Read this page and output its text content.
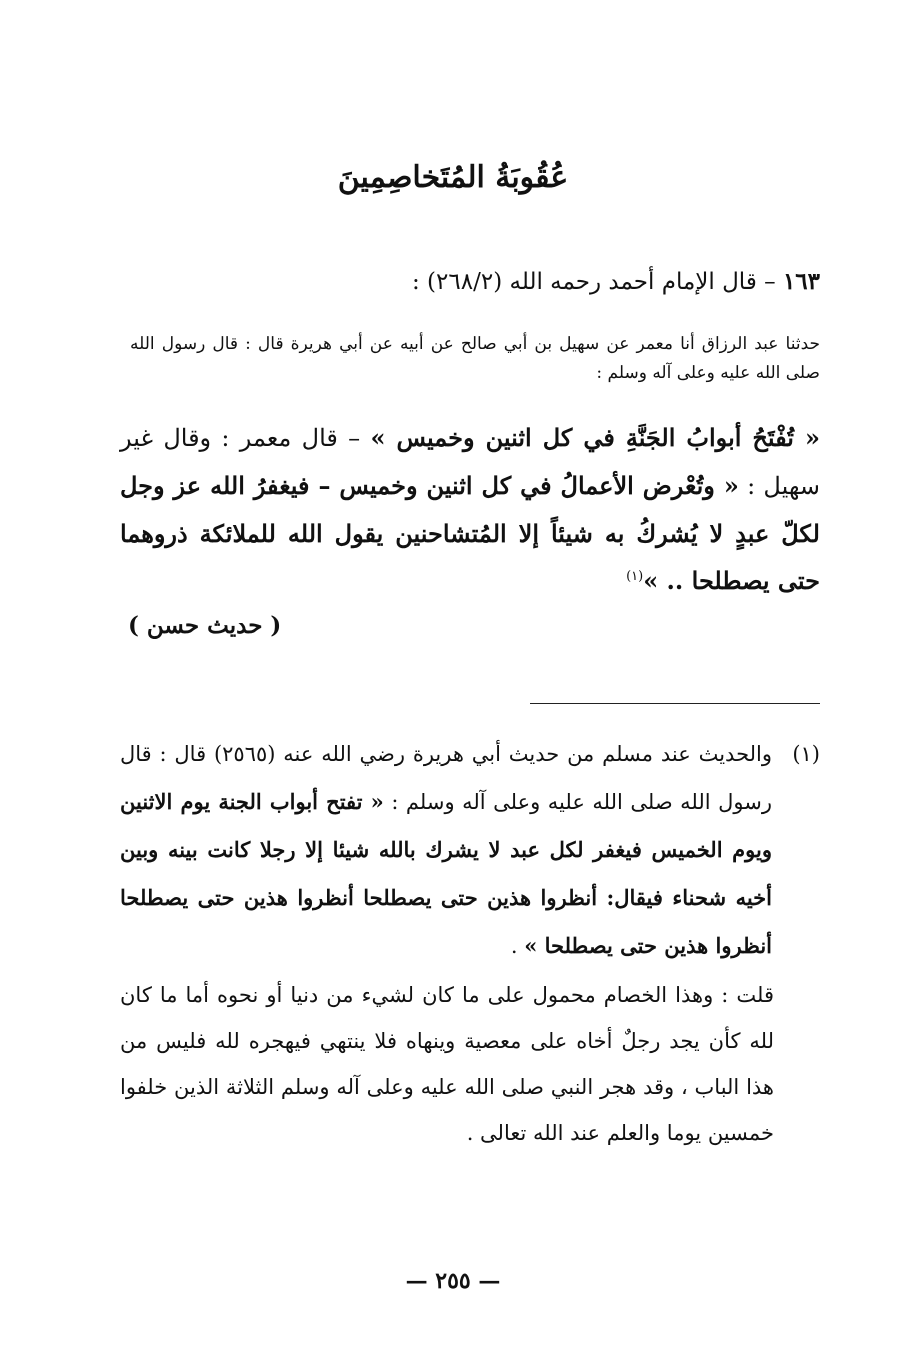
عُقُوبَةُ المُتَخاصِمِينَ
١٦٣ – قال الإمام أحمد رحمه الله (٢٦٨/٢) :
حدثنا عبد الرزاق أنا معمر عن سهيل بن أبي صالح عن أبيه عن أبي هريرة قال : قال رسول الله صلى الله عليه وعلى آله وسلم :
« تُفْتَحُ أبوابُ الجَنَّةِ في كل اثنين وخميس » – قال معمر : وقال غير سهيل : « وتُعْرض الأعمالُ في كل اثنين وخميس – فيغفرُ الله عز وجل لكلّ عبدٍ لا يُشركُ به شيئاً إلا المُتشاحنين يقول الله للملائكة ذروهما حتى يصطلحا .. »$^{(١)}$
( حديث حسن )
(١)
والحديث عند مسلم من حديث أبي هريرة رضي الله عنه (٢٥٦٥) قال : قال رسول الله صلى الله عليه وعلى آله وسلم : « تفتح أبواب الجنة يوم الاثنين ويوم الخميس فيغفر لكل عبد لا يشرك بالله شيئا إلا رجلا كانت بينه وبين أخيه شحناء فيقال: أنظروا هذين حتى يصطلحا أنظروا هذين حتى يصطلحا أنظروا هذين حتى يصطلحا » .
قلت : وهذا الخصام محمول على ما كان لشيء من دنيا أو نحوه أما ما كان لله كأن يجد رجلٌ أخاه على معصية وينهاه فلا ينتهي فيهجره لله فليس من هذا الباب ، وقد هجر النبي صلى الله عليه وعلى آله وسلم الثلاثة الذين خلفوا خمسين يوما والعلم عند الله تعالى .
— ٢٥٥ —
